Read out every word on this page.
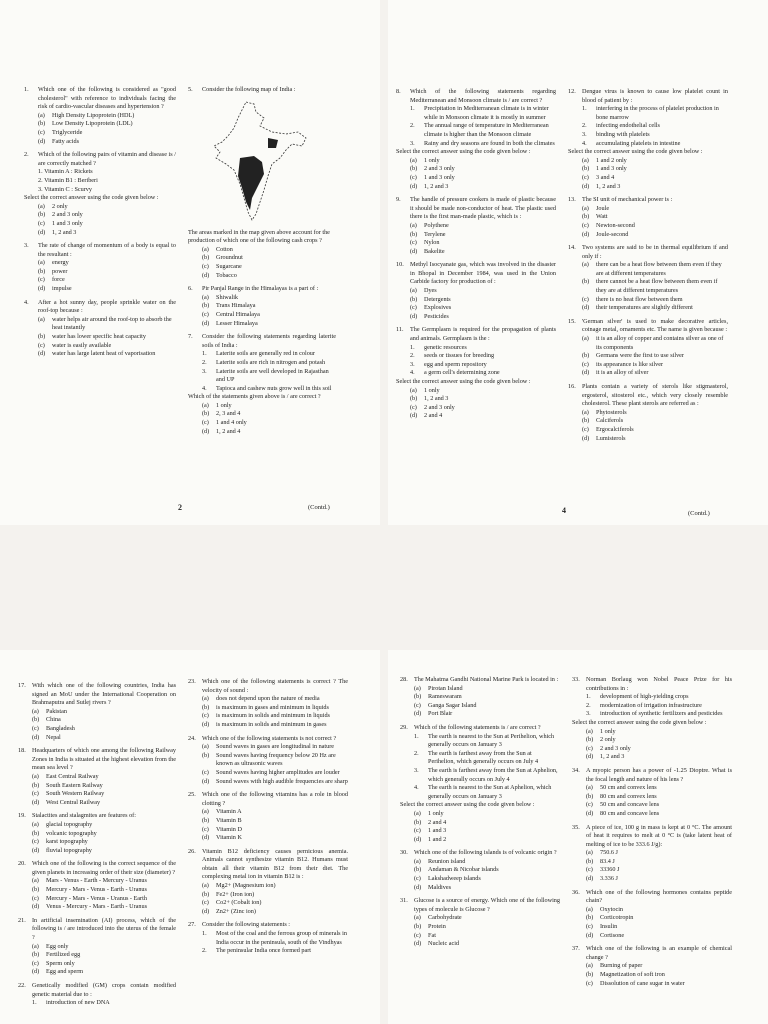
1.	Which one of the following is considered as "good cholesterol" with reference to individuals facing the risk of cardio-vascular diseases and hypertension ?
(a)	High Density Lipoprotein (HDL)
(b)	Low Density Lipoprotein (LDL)
(c)	Triglyceride
(d)	Fatty acids
2.	Which of the following pairs of vitamin and disease is / are correctly matched ?
1. Vitamin A : Rickets
2. Vitamin B1 : Beriberi
3. Vitamin C : Scurvy
Select the correct answer using the code given below :
(a)	2 only
(b)	2 and 3 only
(c)	1 and 3 only
(d)	1, 2 and 3
3.	The rate of change of momentum of a body is equal to the resultant :
(a)	energy
(b)	power
(c)	force
(d)	impulse
4.	After a hot sunny day, people sprinkle water on the roof-top because :
(a)	water helps air around the roof-top to absorb the heat instantly
(b)	water has lower specific heat capacity
(c)	water is easily available
(d)	water has large latent heat of vaporisation
5.	Consider the following map of India :
The areas marked in the map given above account for the production of which one of the following cash crops ?
(a)	Cotton
(b)	Groundnut
(c)	Sugarcane
(d)	Tobacco
6.	Pir Panjal Range in the Himalayas is a part of :
(a)	Shiwalik
(b)	Trans Himalaya
(c)	Central Himalaya
(d)	Lesser Himalaya
7.	Consider the following statements regarding laterite soils of India :
1.	Laterite soils are generally red in colour
2.	Laterite soils are rich in nitrogen and potash
3.	Laterite soils are well developed in Rajasthan and UP
4.	Tapioca and cashew nuts grow well in this soil
Which of the statements given above is / are correct ?
(a)	1 only
(b)	2, 3 and 4
(c)	1 and 4 only
(d)	1, 2 and 4
2	(Contd.)
8.	Which of the following statements regarding Mediterranean and Monsoon climate is / are correct ?
1.	Precipitation in Mediterranean climate is in winter while in Monsoon climate it is mostly in summer
2.	The annual range of temperature in Mediterranean climate is higher than the Monsoon climate
3.	Rainy and dry seasons are found in both the climates
Select the correct answer using the code given below :
(a)	1 only
(b)	2 and 3 only
(c)	1 and 3 only
(d)	1, 2 and 3
9.	The handle of pressure cookers is made of plastic because it should be made non-conductor of heat. The plastic used there is the first man-made plastic, which is :
(a)	Polythene
(b)	Terylene
(c)	Nylon
(d)	Bakelite
10.	Methyl Isocyanate gas, which was involved in the disaster in Bhopal in December 1984, was used in the Union Carbide factory for production of :
(a)	Dyes
(b)	Detergents
(c)	Explosives
(d)	Pesticides
11.	The Germplasm is required for the propagation of plants and animals. Germplasm is the :
1.	genetic resources
2.	seeds or tissues for breeding
3.	egg and sperm repository
4.	a germ cell's determining zone
Select the correct answer using the code given below :
(a)	1 only
(b)	1, 2 and 3
(c)	2 and 3 only
(d)	2 and 4
12.	Dengue virus is known to cause low platelet count in blood of patient by :
1.	interfering in the process of platelet production in bone marrow
2.	infecting endothelial cells
3.	binding with platelets
4.	accumulating platelets in intestine
Select the correct answer using the code given below :
(a)	1 and 2 only
(b)	1 and 3 only
(c)	3 and 4
(d)	1, 2 and 3
13.	The SI unit of mechanical power is :
(a)	Joule
(b)	Watt
(c)	Newton-second
(d)	Joule-second
14.	Two systems are said to be in thermal equilibrium if and only if :
(a)	there can be a heat flow between them even if they are at different temperatures
(b)	there cannot be a heat flow between them even if they are at different temperatures
(c)	there is no heat flow between them
(d)	their temperatures are slightly different
15.	'German silver' is used to make decorative articles, coinage metal, ornaments etc. The name is given because :
(a)	it is an alloy of copper and contains silver as one of its components
(b)	Germans were the first to use silver
(c)	its appearance is like silver
(d)	it is an alloy of silver
16.	Plants contain a variety of sterols like stigmasterol, ergosterol, sitosterol etc., which very closely resemble cholesterol. These plant sterols are referred as :
(a)	Phytosterols
(b)	Calciferols
(c)	Ergocalciferols
(d)	Lumisterols
4	(Contd.)
17.	With which one of the following countries, India has signed an MoU under the International Cooperation on Brahmaputra and Sutlej rivers ?
(a)	Pakistan
(b)	China
(c)	Bangladesh
(d)	Nepal
18.	Headquarters of which one among the following Railway Zones in India is situated at the highest elevation from the mean sea level ?
(a)	East Central Railway
(b)	South Eastern Railway
(c)	South Western Railway
(d)	West Central Railway
19.	Stalactites and stalagmites are features of:
(a)	glacial topography
(b)	volcanic topography
(c)	karst topography
(d)	fluvial topography
20.	Which one of the following is the correct sequence of the given planets in increasing order of their size (diameter) ?
(a)	Mars - Venus - Earth - Mercury - Uranus
(b)	Mercury - Mars - Venus - Earth - Uranus
(c)	Mercury - Mars - Venus - Uranus - Earth
(d)	Venus - Mercury - Mars - Earth - Uranus
21.	In artificial insemination (AI) process, which of the following is / are introduced into the uterus of the female ?
(a)	Egg only
(b)	Fertilized egg
(c)	Sperm only
(d)	Egg and sperm
22.	Genetically modified (GM) crops contain modified genetic material due to :
1.	introduction of new DNA
23.	Which one of the following statements is correct ? The velocity of sound :
(a)	does not depend upon the nature of media
(b)	is maximum in gases and minimum in liquids
(c)	is maximum in solids and minimum in liquids
(d)	is maximum in solids and minimum in gases
24.	Which one of the following statements is not correct ?
(a)	Sound waves in gases are longitudinal in nature
(b)	Sound waves having frequency below 20 Hz are known as ultrasonic waves
(c)	Sound waves having higher amplitudes are louder
(d)	Sound waves with high audible frequencies are sharp
25.	Which one of the following vitamins has a role in blood clotting ?
(a)	Vitamin A
(b)	Vitamin B
(c)	Vitamin D
(d)	Vitamin K
26.	Vitamin B12 deficiency causes pernicious anemia. Animals cannot synthesize vitamin B12. Humans must obtain all their vitamin B12 from their diet. The complexing metal ion in vitamin B12 is :
(a)	Mg2+ (Magnesium ion)
(b)	Fe2+ (Iron ion)
(c)	Co2+ (Cobalt ion)
(d)	Zn2+ (Zinc ion)
27.	Consider the following statements :
1.	Most of the coal and the ferrous group of minerals in India occur in the peninsula, south of the Vindhyas
2.	The peninsular India once formed part
28.	The Mahatma Gandhi National Marine Park is located in :
(a)	Pirotan Island
(b)	Rameswaram
(c)	Ganga Sagar Island
(d)	Port Blair
29.	Which of the following statements is / are correct ?
1.	The earth is nearest to the Sun at Perihelion, which generally occurs on January 3
2.	The earth is farthest away from the Sun at Perihelion, which generally occurs on July 4
3.	The earth is farthest away from the Sun at Aphelion, which generally occurs on July 4
4.	The earth is nearest to the Sun at Aphelion, which generally occurs on January 3
Select the correct answer using the code given below :
(a)	1 only
(b)	2 and 4
(c)	1 and 3
(d)	1 and 2
30.	Which one of the following islands is of volcanic origin ?
(a)	Reunion island
(b)	Andaman & Nicobar islands
(c)	Lakshadweep islands
(d)	Maldives
31.	Glucose is a source of energy. Which one of the following types of molecule is Glucose ?
(a)	Carbohydrate
(b)	Protein
(c)	Fat
(d)	Nucleic acid
33.	Norman Borlaug won Nobel Peace Prize for his contributions in :
1.	development of high-yielding crops
2.	modernization of irrigation infrastructure
3.	introduction of synthetic fertilizers and pesticides
Select the correct answer using the code given below :
(a)	1 only
(b)	2 only
(c)	2 and 3 only
(d)	1, 2 and 3
34.	A myopic person has a power of -1.25 Dioptre. What is the focal length and nature of his lens ?
(a)	50 cm and convex lens
(b)	80 cm and convex lens
(c)	50 cm and concave lens
(d)	80 cm and concave lens
35.	A piece of ice, 100 g in mass is kept at 0 °C. The amount of heat it requires to melt at 0 °C is (take latent heat of melting of ice to be 333.6 J/g):
(a)	750.6 J
(b)	83.4 J
(c)	33360 J
(d)	3.336 J
36.	Which one of the following hormones contains peptide chain?
(a)	Oxytocin
(b)	Corticotropin
(c)	Insulin
(d)	Cortisone
37.	Which one of the following is an example of chemical change ?
(a)	Burning of paper
(b)	Magnetization of soft iron
(c)	Dissolution of cane sugar in water
